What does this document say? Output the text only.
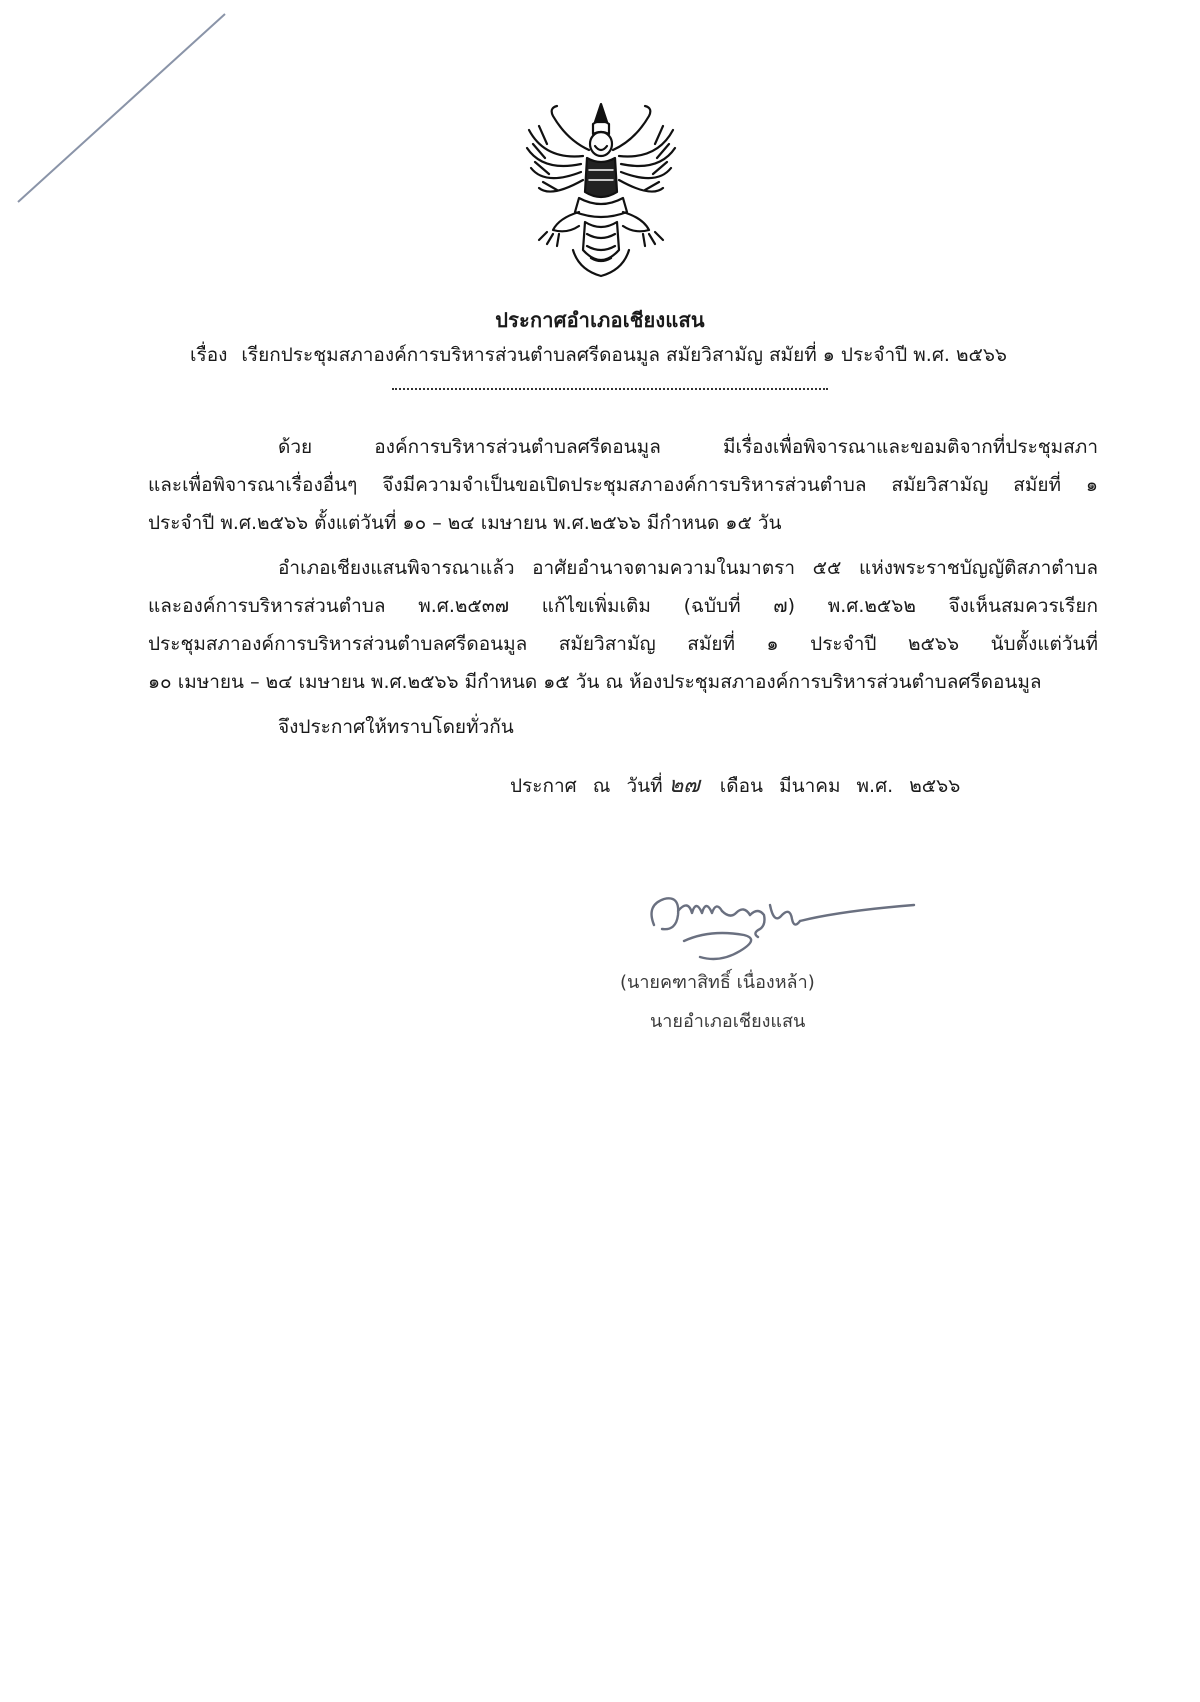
ประกาศอำเภอเชียงแสน
เรื่อง เรียกประชุมสภาองค์การบริหารส่วนตำบลศรีดอนมูล สมัยวิสามัญ สมัยที่ ๑ ประจำปี พ.ศ. ๒๕๖๖
ด้วย องค์การบริหารส่วนตำบลศรีดอนมูล มีเรื่องเพื่อพิจารณาและขอมติจากที่ประชุมสภา
และเพื่อพิจารณาเรื่องอื่นๆ จึงมีความจำเป็นขอเปิดประชุมสภาองค์การบริหารส่วนตำบล สมัยวิสามัญ สมัยที่ ๑
ประจำปี พ.ศ.๒๕๖๖ ตั้งแต่วันที่ ๑๐ – ๒๔ เมษายน พ.ศ.๒๕๖๖ มีกำหนด ๑๕ วัน
อำเภอเชียงแสนพิจารณาแล้ว อาศัยอำนาจตามความในมาตรา ๕๕ แห่งพระราชบัญญัติสภาตำบล
และองค์การบริหารส่วนตำบล พ.ศ.๒๕๓๗ แก้ไขเพิ่มเติม (ฉบับที่ ๗) พ.ศ.๒๕๖๒ จึงเห็นสมควรเรียก
ประชุมสภาองค์การบริหารส่วนตำบลศรีดอนมูล สมัยวิสามัญ สมัยที่ ๑ ประจำปี ๒๕๖๖ นับตั้งแต่วันที่
๑๐ เมษายน – ๒๔ เมษายน พ.ศ.๒๕๖๖ มีกำหนด ๑๕ วัน ณ ห้องประชุมสภาองค์การบริหารส่วนตำบลศรีดอนมูล
จึงประกาศให้ทราบโดยทั่วกัน
ประกาศ ณ วันที่ ๒๗ เดือน มีนาคม พ.ศ. ๒๕๖๖
(นายคฑาสิทธิ์ เนื่องหล้า)
นายอำเภอเชียงแสน
